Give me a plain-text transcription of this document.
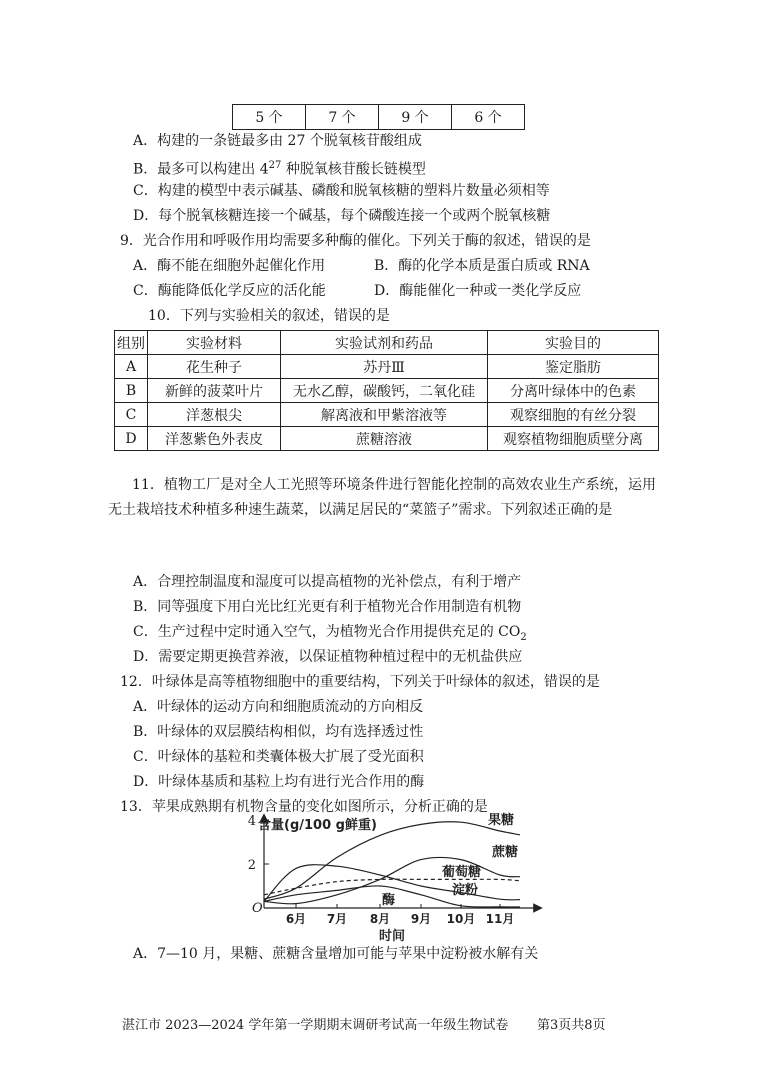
5 个	7 个	9 个	6 个
A．构建的一条链最多由 27 个脱氧核苷酸组成
B．最多可以构建出 $4^{27}$ 种脱氧核苷酸长链模型
C．构建的模型中表示碱基、磷酸和脱氧核糖的塑料片数量必须相等
D．每个脱氧核糖连接一个碱基，每个磷酸连接一个或两个脱氧核糖
9．光合作用和呼吸作用均需要多种酶的催化。下列关于酶的叙述，错误的是
A．酶不能在细胞外起催化作用	B．酶的化学本质是蛋白质或 RNA
C．酶能降低化学反应的活化能	D．酶能催化一种或一类化学反应
10．下列与实验相关的叙述，错误的是
组别	实验材料	实验试剂和药品	实验目的
A	花生种子	苏丹Ⅲ	鉴定脂肪
B	新鲜的菠菜叶片	无水乙醇，碳酸钙，二氧化硅	分离叶绿体中的色素
C	洋葱根尖	解离液和甲紫溶液等	观察细胞的有丝分裂
D	洋葱紫色外表皮	蔗糖溶液	观察植物细胞质壁分离
11．植物工厂是对全人工光照等环境条件进行智能化控制的高效农业生产系统，运用无土栽培技术种植多种速生蔬菜，以满足居民的“菜篮子”需求。下列叙述正确的是
A．合理控制温度和湿度可以提高植物的光补偿点，有利于增产
B．同等强度下用白光比红光更有利于植物光合作用制造有机物
C．生产过程中定时通入空气，为植物光合作用提供充足的 $CO_2$
D．需要定期更换营养液，以保证植物种植过程中的无机盐供应
12．叶绿体是高等植物细胞中的重要结构，下列关于叶绿体的叙述，错误的是
A．叶绿体的运动方向和细胞质流动的方向相反
B．叶绿体的双层膜结构相似，均有选择透过性
C．叶绿体的基粒和类囊体极大扩展了受光面积
D．叶绿体基质和基粒上均有进行光合作用的酶
13．苹果成熟期有机物含量的变化如图所示，分析正确的是
含量(g/100 g鲜重)
时间
O
2
4
6月 7月 8月 9月 10月 11月
果糖
蔗糖
葡萄糖
淀粉
酶
A．7—10 月，果糖、蔗糖含量增加可能与苹果中淀粉被水解有关
湛江市 2023—2024 学年第一学期期末调研考试高一年级生物试卷 第3页共8页
